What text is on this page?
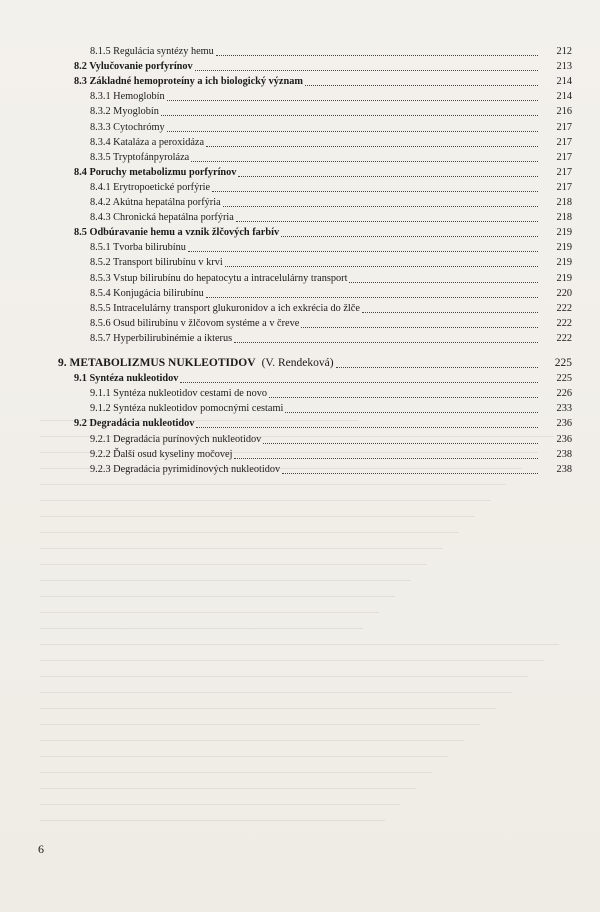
8.1.5 Regulácia syntézy hemu	212
8.2 Vylučovanie porfyrínov	213
8.3 Základné hemoproteíny a ich biologický význam	214
8.3.1 Hemoglobín	214
8.3.2 Myoglobín	216
8.3.3 Cytochrómy	217
8.3.4 Kataláza a peroxidáza	217
8.3.5 Tryptofánpyroláza	217
8.4 Poruchy metabolizmu porfyrínov	217
8.4.1 Erytropoetické porfýrie	217
8.4.2 Akútna hepatálna porfýria	218
8.4.3 Chronická hepatálna porfýria	218
8.5 Odbúravanie hemu a vznik žlčových farbív	219
8.5.1 Tvorba bilirubínu	219
8.5.2 Transport bilirubínu v krvi	219
8.5.3 Vstup bilirubínu do hepatocytu a intracelulárny transport	219
8.5.4 Konjugácia bilirubínu	220
8.5.5 Intracelulárny transport glukuronidov a ich exkrécia do žlče	222
8.5.6 Osud bilirubínu v žlčovom systéme a v čreve	222
8.5.7 Hyperbilirubinémie a ikterus	222
9. METABOLIZMUS NUKLEOTIDOV (V. Rendeková)	225
9.1 Syntéza nukleotidov	225
9.1.1 Syntéza nukleotidov cestami de novo	226
9.1.2 Syntéza nukleotidov pomocnými cestami	233
9.2 Degradácia nukleotidov	236
9.2.1 Degradácia purínových nukleotidov	236
9.2.2 Ďalší osud kyseliny močovej	238
9.2.3 Degradácia pyrimidínových nukleotidov	238
6
